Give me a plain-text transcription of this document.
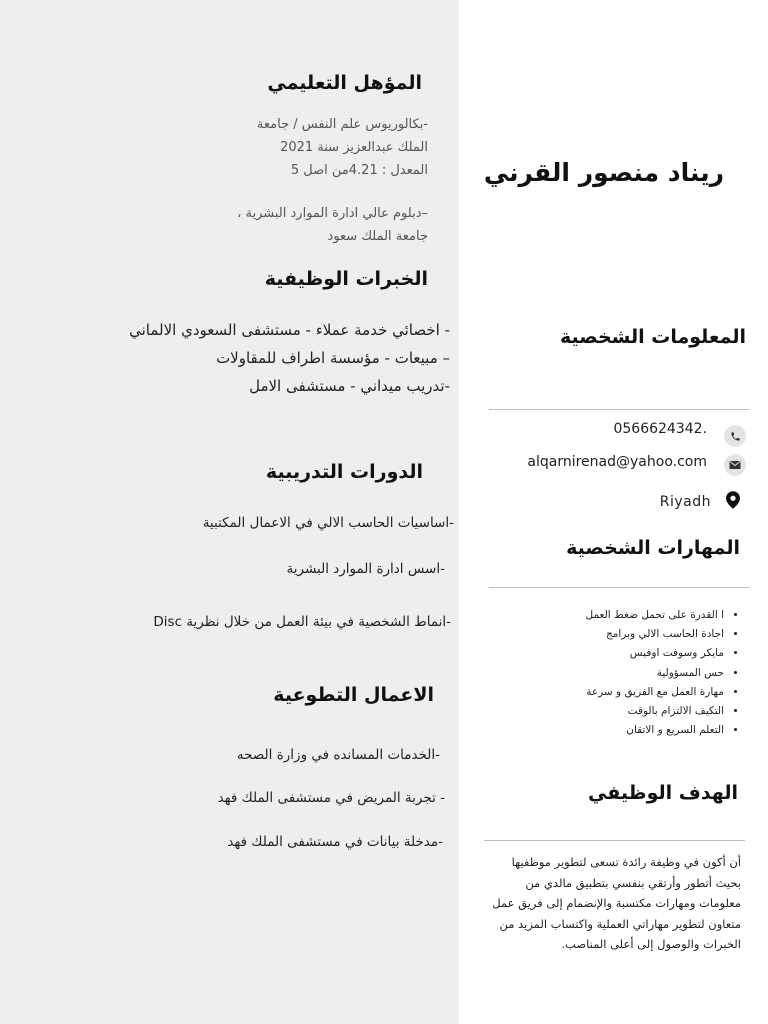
المؤهل التعليمي
-بكالوريوس علم النفس / جامعة
الملك عبدالعزيز سنة 2021
المعدل : 4.21من اصل 5
–دبلوم عالي ادارة الموارد البشرية ،
جامعة الملك سعود
الخبرات الوظيفية
- اخصائي خدمة عملاء - مستشفى السعودي الالماني
– مبيعات - مؤسسة اطراف للمقاولات
-تدريب ميداني - مستشفى الامل
الدورات التدريبية
-اساسيات الحاسب الالي في الاعمال المكتبية
-اسس ادارة الموارد البشرية
-انماط الشخصية في بيئة العمل من خلال نظرية Disc
الاعمال التطوعية
-الخدمات المسانده في وزارة الصحه
- تجربة المريض في مستشفى الملك فهد
-مدخلة بيانات في مستشفى الملك فهد
ريناد منصور القرني
المعلومات الشخصية
0566624342.
alqarnirenad@yahoo.com
Riyadh
المهارات الشخصية
• ا القدرة على تحمل ضغط العمل
• اجادة الحاسب الالي وبرامج
• مايكر وسوفت اوفيس
• حس المسؤولية
• مهارة العمل مع الفريق و سرعة
• التكيف الالتزام بالوقت
• التعلم السريع و الاتقان
الهدف الوظيفي
أن أكون في وظيفة رائدة تسعى لتطوير موظفيها بحيث أتطور وأرتقي بنفسي بتطبيق مالدي من معلومات ومهارات مكتسبة والإنضمام إلى فريق عمل متعاون لتطوير مهاراتي العملية واكتساب المزيد من الخبرات والوصول إلى أعلى المناصب.
